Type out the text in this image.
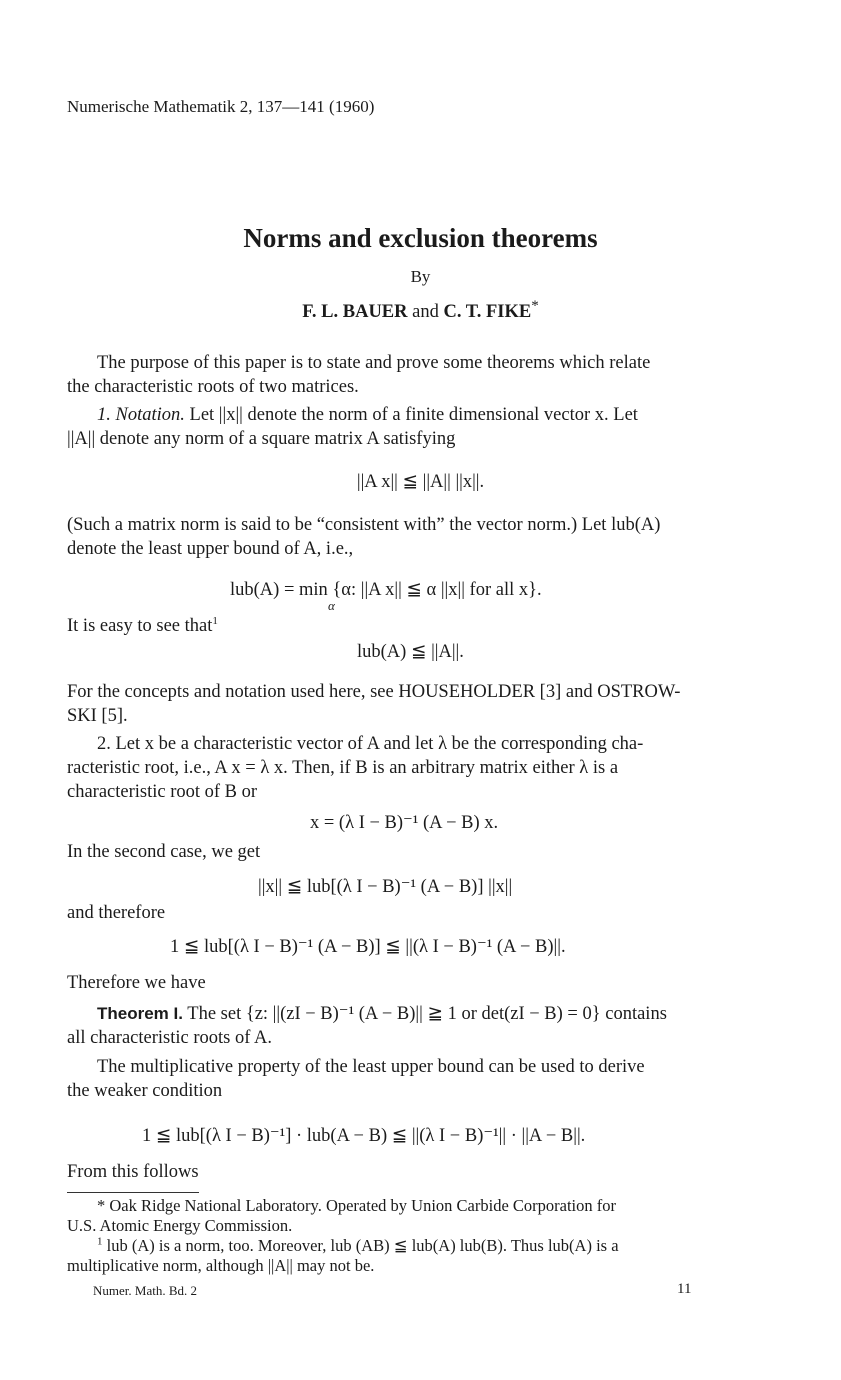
Numerische Mathematik 2, 137—141 (1960)
Norms and exclusion theorems
By
F. L. BAUER and C. T. FIKE*
The purpose of this paper is to state and prove some theorems which relate
the characteristic roots of two matrices.
1. Notation. Let ||x|| denote the norm of a finite dimensional vector x. Let
||A|| denote any norm of a square matrix A satisfying
||A x|| ≦ ||A|| ||x||.
(Such a matrix norm is said to be “consistent with” the vector norm.) Let lub(A)
denote the least upper bound of A, i.e.,
lub(A) = min {α: ||A x|| ≦ α ||x|| for all x}.
α
It is easy to see that$^1$
lub(A) ≦ ||A||.
For the concepts and notation used here, see HOUSEHOLDER [3] and OSTROW-
SKI [5].
2. Let x be a characteristic vector of A and let λ be the corresponding cha-
racteristic root, i.e., A x = λ x. Then, if B is an arbitrary matrix either λ is a
characteristic root of B or
x = (λ I − B)⁻¹ (A − B) x.
In the second case, we get
||x|| ≦ lub[(λ I − B)⁻¹ (A − B)] ||x||
and therefore
1 ≦ lub[(λ I − B)⁻¹ (A − B)] ≦ ||(λ I − B)⁻¹ (A − B)||.
Therefore we have
Theorem I. The set {z: ||(zI − B)⁻¹ (A − B)|| ≧ 1 or det(zI − B) = 0} contains
all characteristic roots of A.
The multiplicative property of the least upper bound can be used to derive
the weaker condition
1 ≦ lub[(λ I − B)⁻¹] · lub(A − B) ≦ ||(λ I − B)⁻¹|| · ||A − B||.
From this follows
* Oak Ridge National Laboratory. Operated by Union Carbide Corporation for
U.S. Atomic Energy Commission.
$^1$ lub (A) is a norm, too. Moreover, lub (AB) ≦ lub(A) lub(B). Thus lub(A) is a
multiplicative norm, although ||A|| may not be.
Numer. Math. Bd. 2	11
